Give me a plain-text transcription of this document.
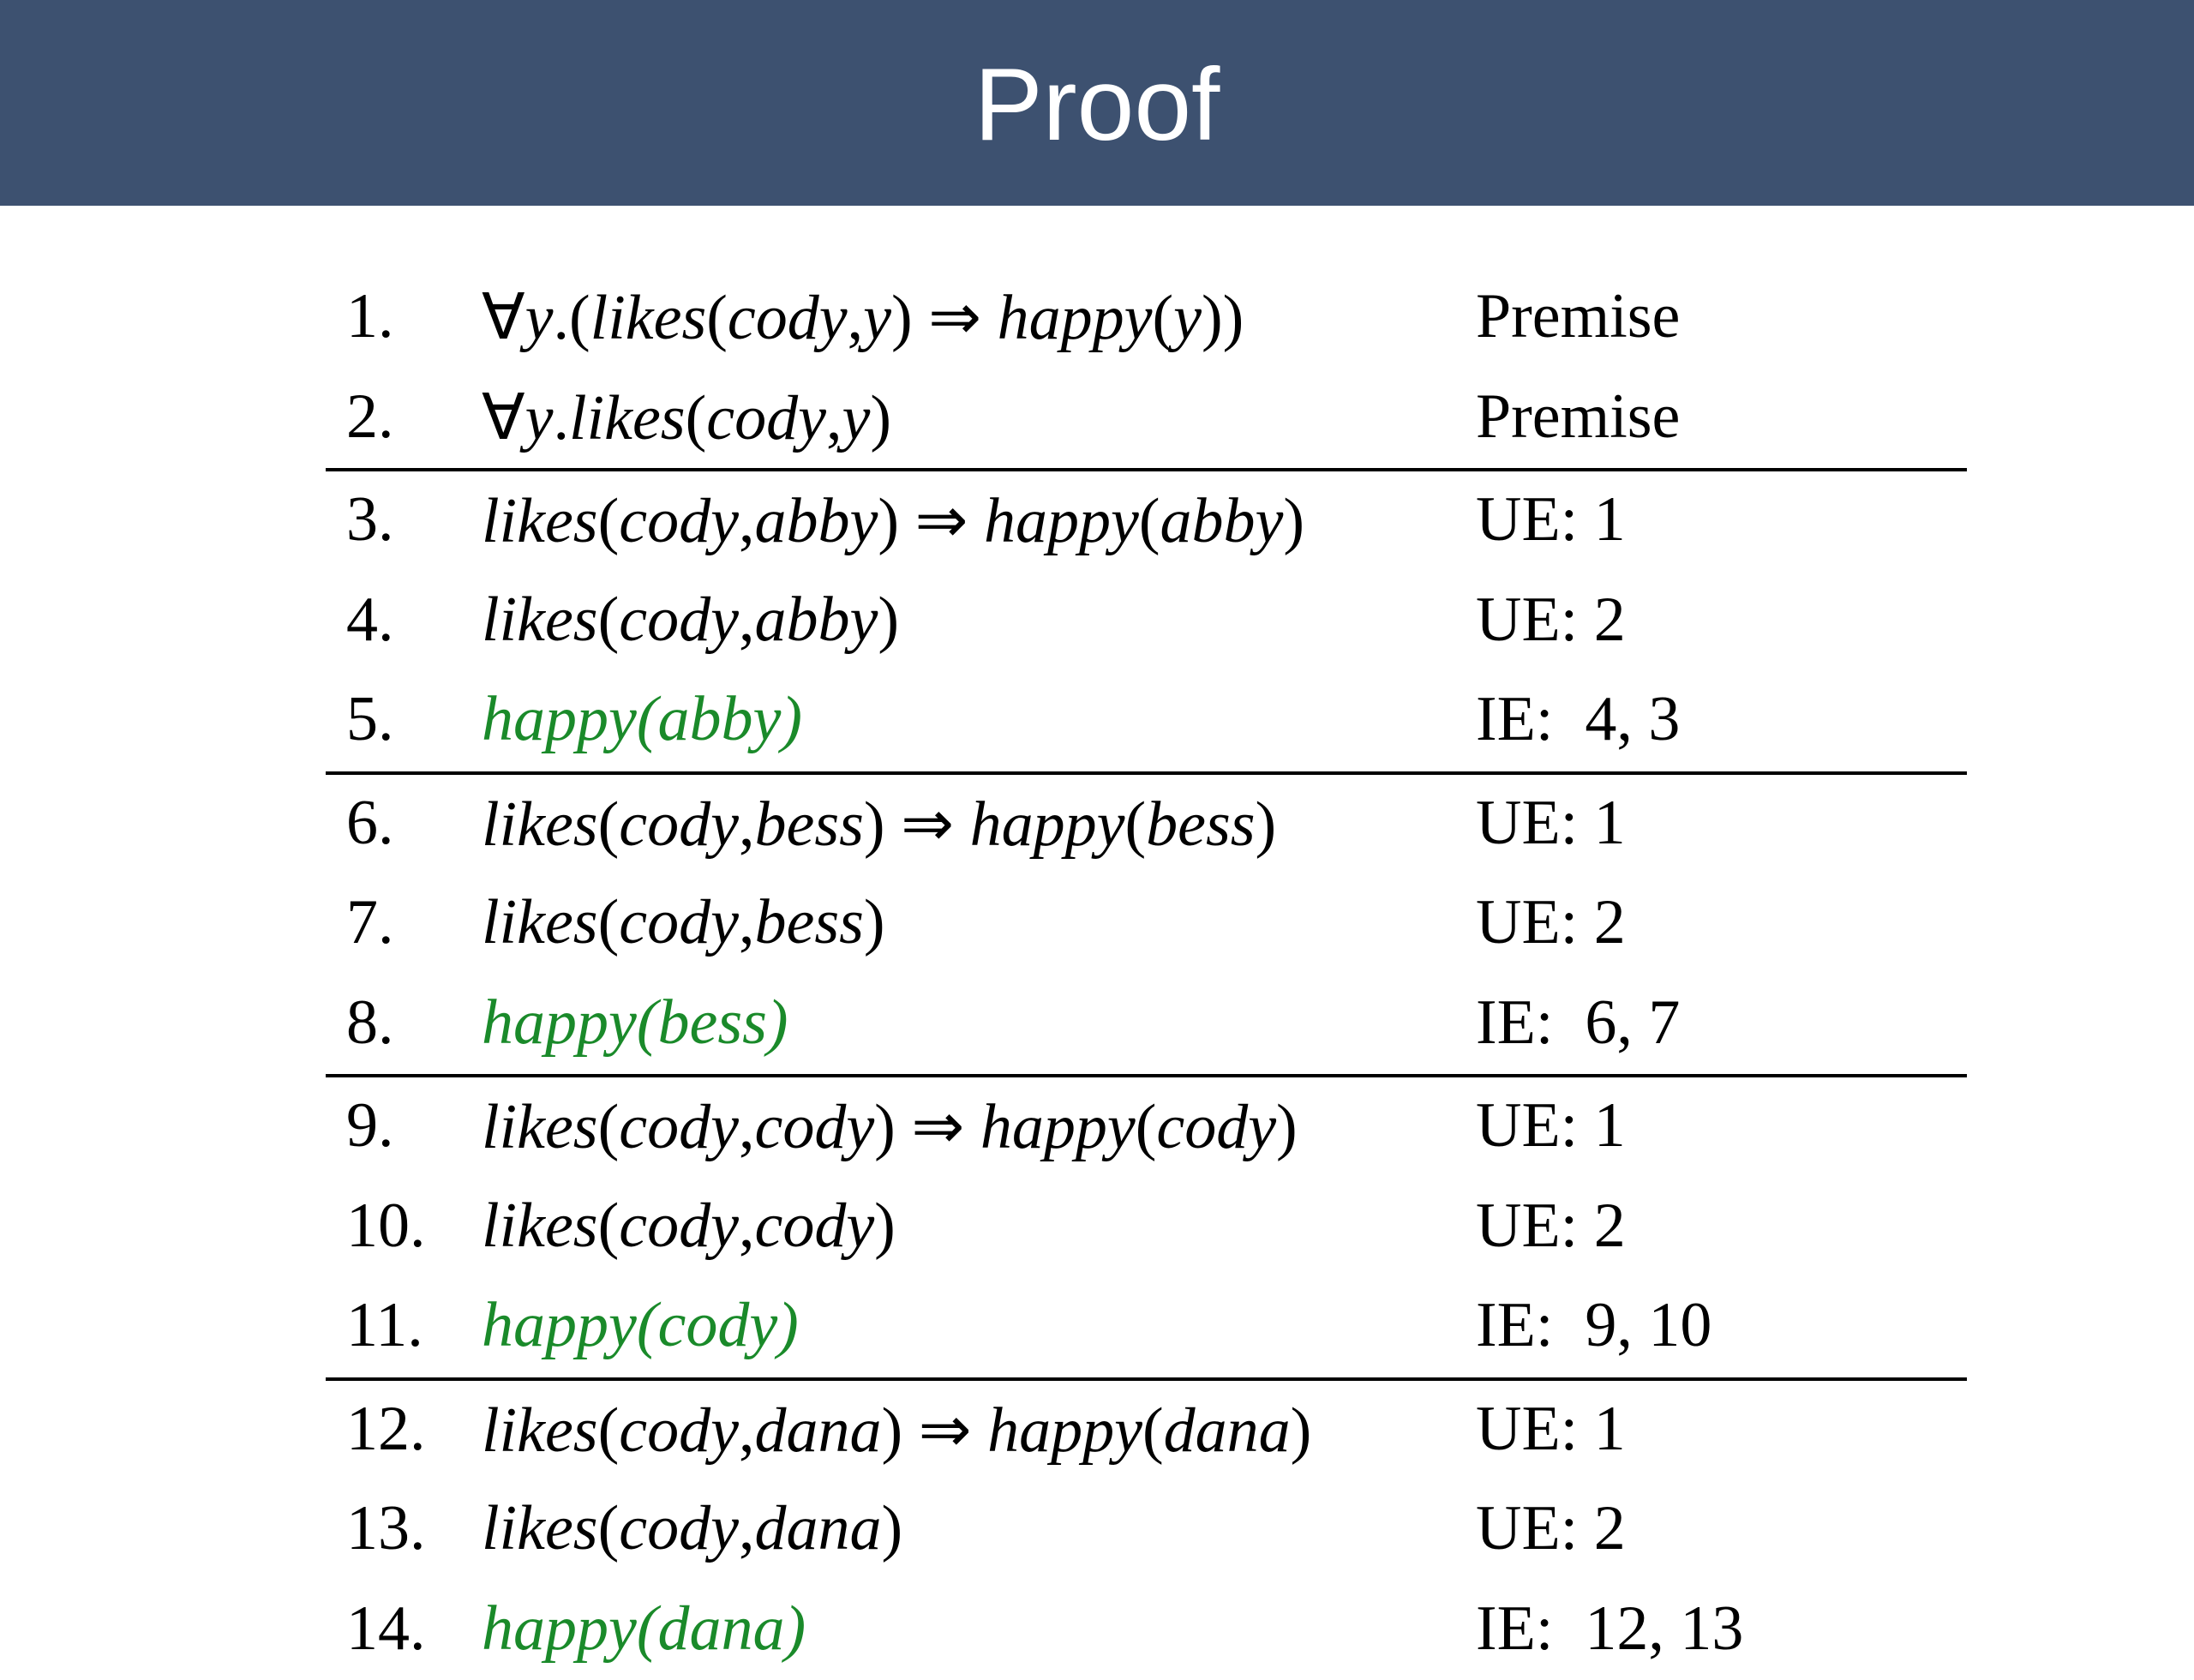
Proof
1. ∀y.(likes(cody,y) ⇒ happy(y))	Premise
2. ∀y.likes(cody,y)	Premise
3. likes(cody,abby) ⇒ happy(abby)	UE: 1
4. likes(cody,abby)	UE: 2
5. happy(abby)	IE:  4, 3
6. likes(cody,bess) ⇒ happy(bess)	UE: 1
7. likes(cody,bess)	UE: 2
8. happy(bess)	IE:  6, 7
9. likes(cody,cody) ⇒ happy(cody)	UE: 1
10. likes(cody,cody)	UE: 2
11. happy(cody)	IE:  9, 10
12. likes(cody,dana) ⇒ happy(dana)	UE: 1
13. likes(cody,dana)	UE: 2
14. happy(dana)	IE:  12, 13
